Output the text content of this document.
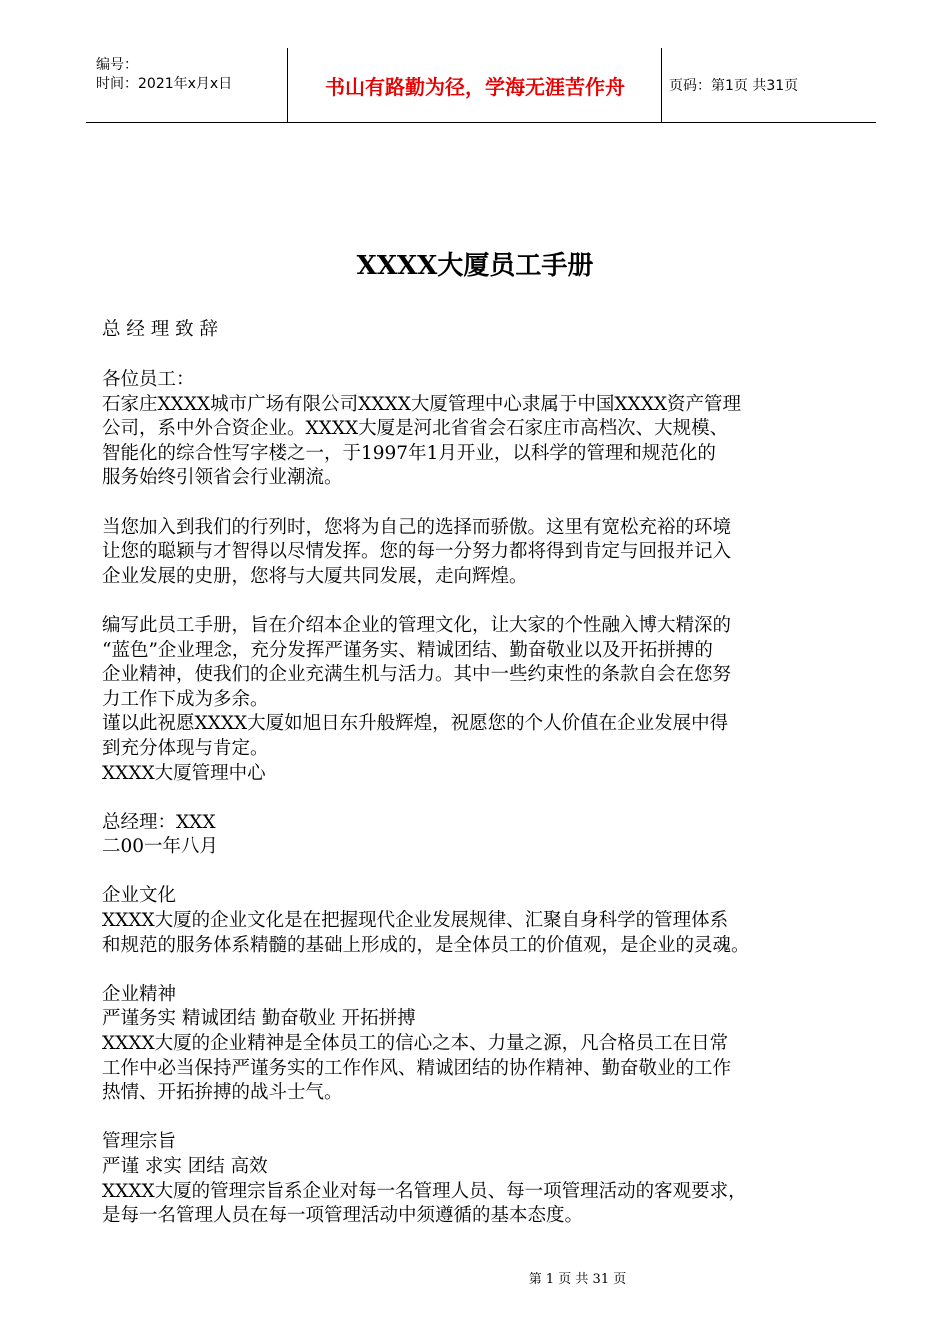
编号：
时间：2021年x月x日	书山有路勤为径，学海无涯苦作舟	页码：第1页 共31页
XXXX大厦员工手册
总 经 理 致 辞
各位员工：
石家庄XXXX城市广场有限公司XXXX大厦管理中心隶属于中国XXXX资产管理
公司，系中外合资企业。XXXX大厦是河北省省会石家庄市高档次、大规模、
智能化的综合性写字楼之一，于1997年1月开业，以科学的管理和规范化的
服务始终引领省会行业潮流。
当您加入到我们的行列时，您将为自己的选择而骄傲。这里有宽松充裕的环境
让您的聪颖与才智得以尽情发挥。您的每一分努力都将得到肯定与回报并记入
企业发展的史册，您将与大厦共同发展，走向辉煌。
编写此员工手册，旨在介绍本企业的管理文化，让大家的个性融入博大精深的
“蓝色”企业理念，充分发挥严谨务实、精诚团结、勤奋敬业以及开拓拼搏的
企业精神，使我们的企业充满生机与活力。其中一些约束性的条款自会在您努
力工作下成为多余。
谨以此祝愿XXXX大厦如旭日东升般辉煌，祝愿您的个人价值在企业发展中得
到充分体现与肯定。
XXXX大厦管理中心
总经理：XXX
二00一年八月
企业文化
XXXX大厦的企业文化是在把握现代企业发展规律、汇聚自身科学的管理体系
和规范的服务体系精髓的基础上形成的，是全体员工的价值观，是企业的灵魂。
企业精神
严谨务实 精诚团结 勤奋敬业 开拓拼搏
XXXX大厦的企业精神是全体员工的信心之本、力量之源，凡合格员工在日常
工作中必当保持严谨务实的工作作风、精诚团结的协作精神、勤奋敬业的工作
热情、开拓拚搏的战斗士气。
管理宗旨
严谨 求实 团结 高效
XXXX大厦的管理宗旨系企业对每一名管理人员、每一项管理活动的客观要求，
是每一名管理人员在每一项管理活动中须遵循的基本态度。
第 1 页 共 31 页
